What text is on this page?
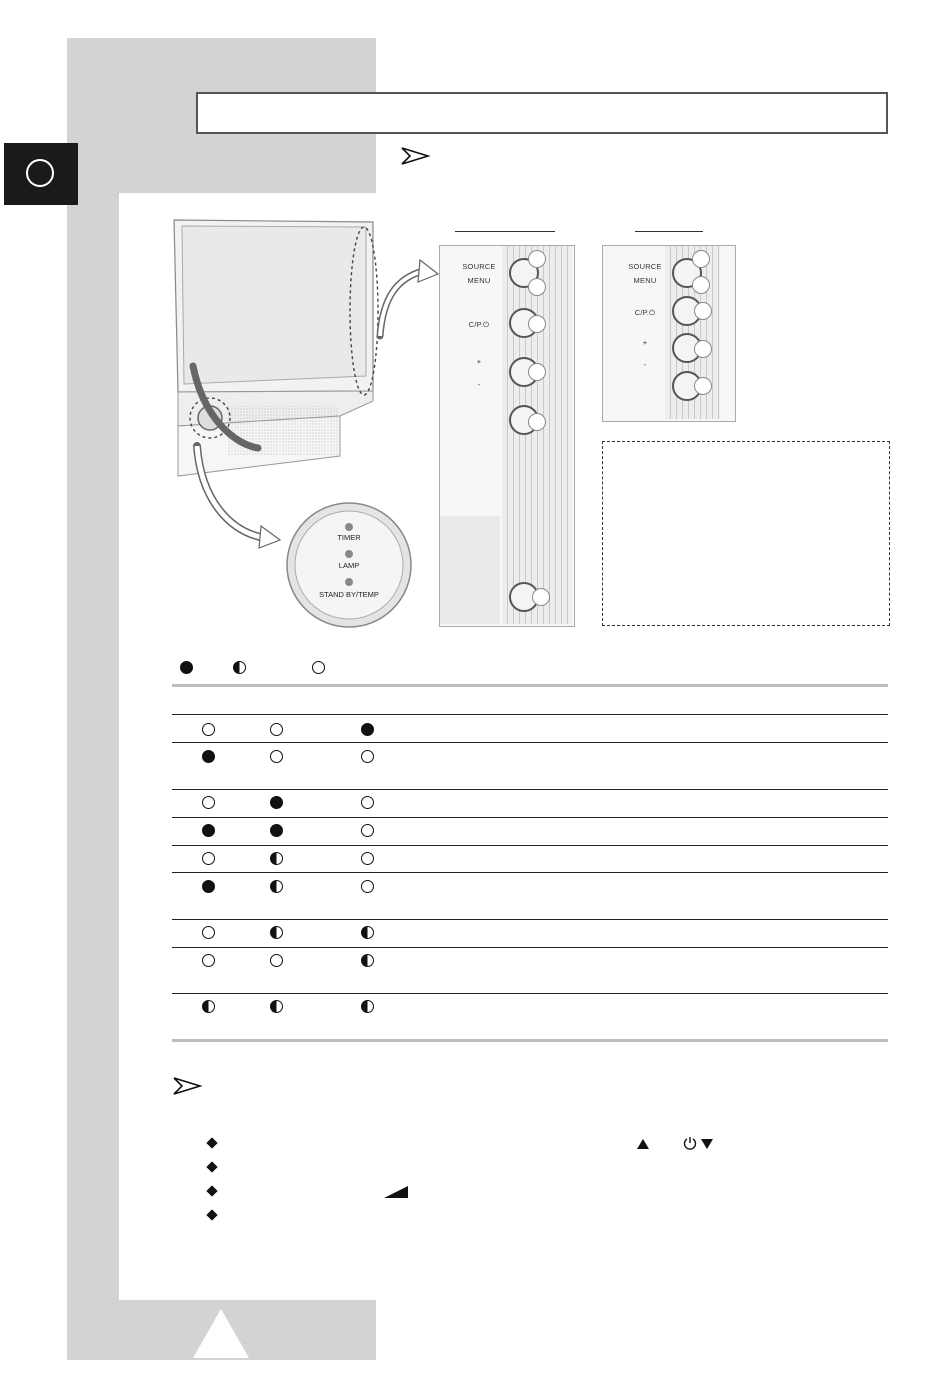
TIMER
LAMP
STAND BY/TEMP
SOURCE
MENU
C/P.⏻
+
-
SOURCE
MENU
C/P.⏻
+
-
